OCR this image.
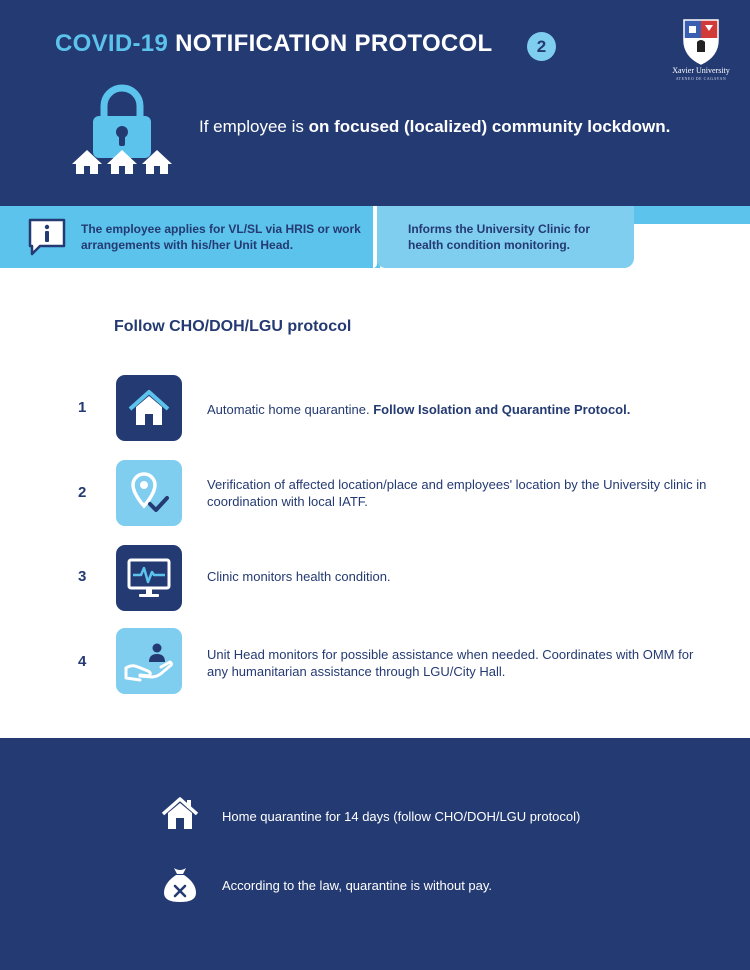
COVID-19 NOTIFICATION PROTOCOL	2
Xavier University
ATENEO DE CAGAYAN
If employee is on focused (localized) community lockdown.
The employee applies for VL/SL via HRIS or work arrangements with his/her Unit Head.
Informs the University Clinic for health condition monitoring.
Follow CHO/DOH/LGU protocol
1	Automatic home quarantine. Follow Isolation and Quarantine Protocol.
2	Verification of affected location/place and employees' location by the University clinic in coordination with local IATF.
3	Clinic monitors health condition.
4	Unit Head monitors for possible assistance when needed. Coordinates with OMM for any humanitarian assistance through LGU/City Hall.
Home quarantine for 14 days (follow CHO/DOH/LGU protocol)
According to the law, quarantine is without pay.
